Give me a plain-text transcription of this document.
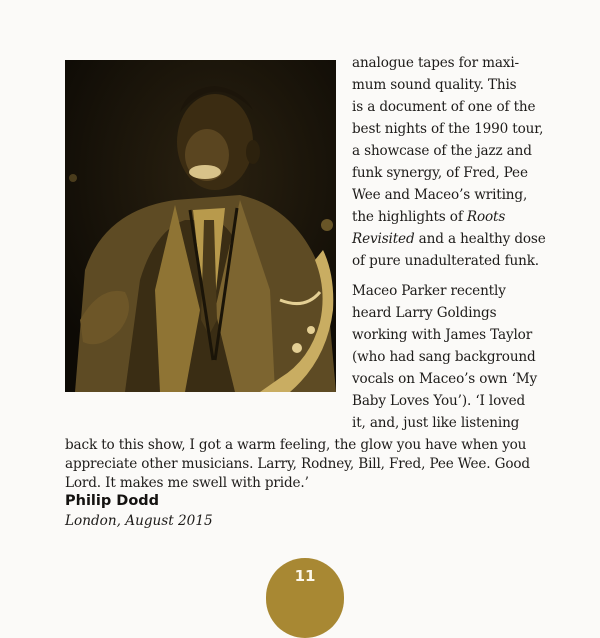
analogue tapes for maxi-
mum sound quality. This
is a document of one of the
best nights of the 1990 tour,
a showcase of the jazz and
funk synergy, of Fred, Pee
Wee and Maceo’s writing,
the highlights of Roots
Revisited and a healthy dose
of pure unadulterated funk.
Maceo Parker recently
heard Larry Goldings
working with James Taylor
(who had sang background
vocals on Maceo’s own ‘My
Baby Loves You’). ‘I loved
it, and, just like listening
back to this show, I got a warm feeling, the glow you have when you
appreciate other musicians. Larry, Rodney, Bill, Fred, Pee Wee. Good
Lord. It makes me swell with pride.’
Philip Dodd
London, August 2015
11
